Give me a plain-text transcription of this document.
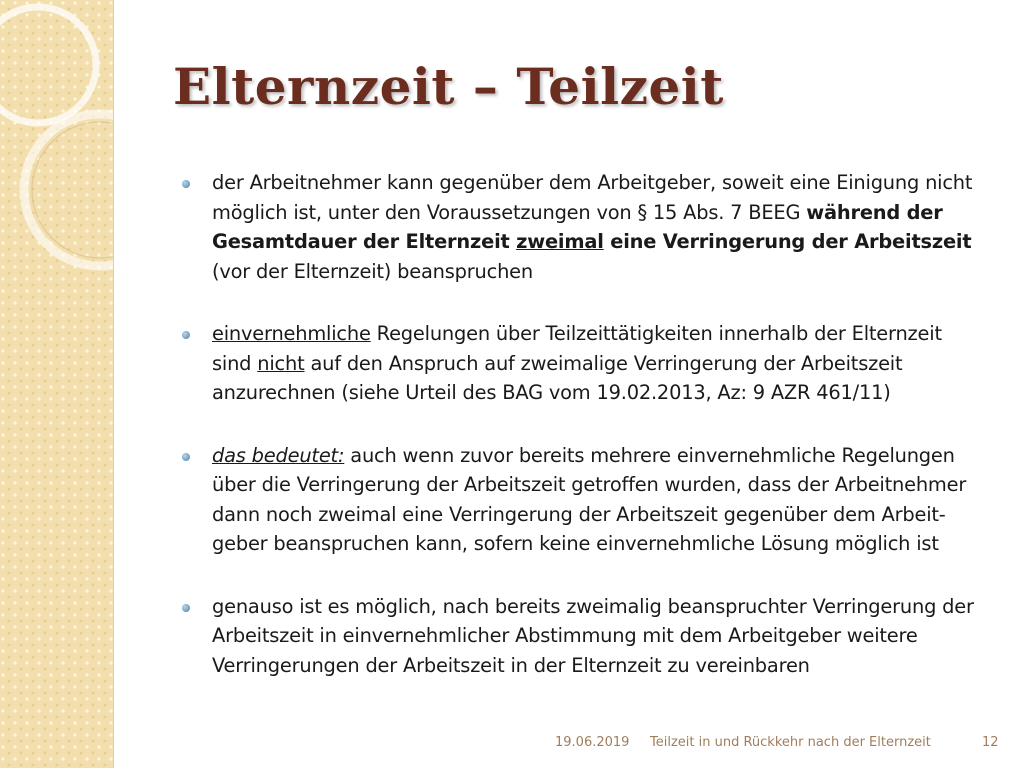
Elternzeit – Teilzeit
der Arbeitnehmer kann gegenüber dem Arbeitgeber, soweit eine Einigung nicht möglich ist, unter den Voraussetzungen von § 15 Abs. 7 BEEG während der Gesamtdauer der Elternzeit zweimal eine Verringerung der Arbeitszeit (vor der Elternzeit) beanspruchen
einvernehmliche Regelungen über Teilzeittätigkeiten innerhalb der Elternzeit sind nicht auf den Anspruch auf zweimalige Verringerung der Arbeitszeit anzurechnen (siehe Urteil des BAG vom 19.02.2013, Az: 9 AZR 461/11)
das bedeutet: auch wenn zuvor bereits mehrere einvernehmliche Regelungen
über die Verringerung der Arbeitszeit getroffen wurden, dass der Arbeitnehmer
dann noch zweimal eine Verringerung der Arbeitszeit gegenüber dem Arbeit-
geber beanspruchen kann, sofern keine einvernehmliche Lösung möglich ist
genauso ist es möglich, nach bereits zweimalig beanspruchter Verringerung der Arbeitszeit in einvernehmlicher Abstimmung mit dem Arbeitgeber weitere Verringerungen der Arbeitszeit in der Elternzeit zu vereinbaren
19.06.2019 Teilzeit in und Rückkehr nach der Elternzeit	12
